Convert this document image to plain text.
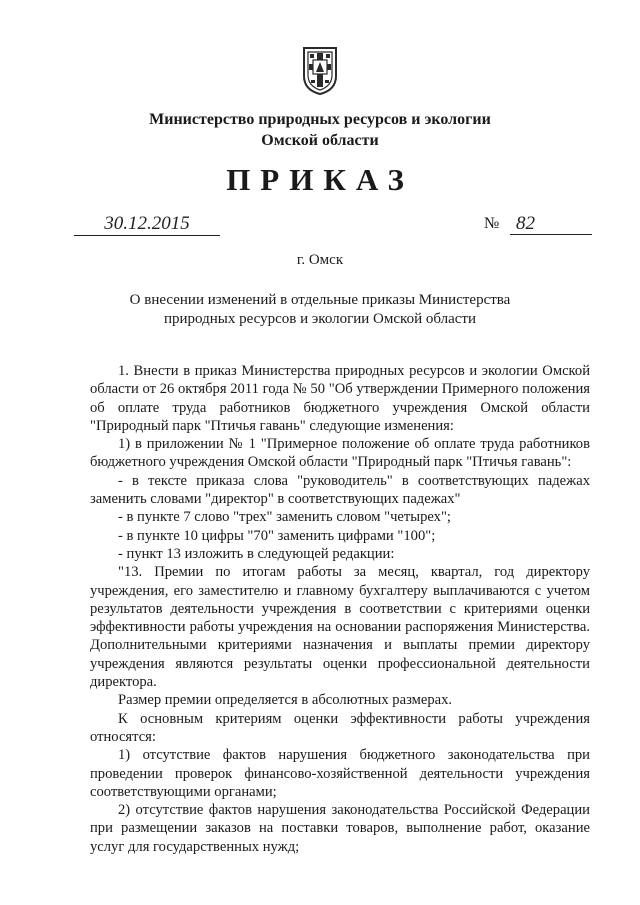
Министерство природных ресурсов и экологии
Омской области
ПРИКАЗ
30.12.2015	№ 82
г. Омск
О внесении изменений в отдельные приказы Министерства природных ресурсов и экологии Омской области

1. Внести в приказ Министерства природных ресурсов и экологии Омской области от 26 октября 2011 года № 50 "Об утверждении Примерного положения об оплате труда работников бюджетного учреждения Омской области "Природный парк "Птичья гавань" следующие изменения:

1) в приложении № 1 "Примерное положение об оплате труда работников бюджетного учреждения Омской области "Природный парк "Птичья гавань":

- в тексте приказа слова "руководитель" в соответствующих падежах заменить словами "директор" в соответствующих падежах"

- в пункте 7 слово "трех" заменить словом "четырех";

- в пункте 10 цифры "70" заменить цифрами "100";

- пункт 13 изложить в следующей редакции:

"13. Премии по итогам работы за месяц, квартал, год директору учреждения, его заместителю и главному бухгалтеру выплачиваются с учетом результатов деятельности учреждения в соответствии с критериями оценки эффективности работы учреждения на основании распоряжения Министерства. Дополнительными критериями назначения и выплаты премии директору учреждения являются результаты оценки профессиональной деятельности директора.

Размер премии определяется в абсолютных размерах.

К основным критериям оценки эффективности работы учреждения относятся:

1) отсутствие фактов нарушения бюджетного законодательства при проведении проверок финансово-хозяйственной деятельности учреждения соответствующими органами;

2) отсутствие фактов нарушения законодательства Российской Федерации при размещении заказов на поставки товаров, выполнение работ, оказание услуг для государственных нужд;
